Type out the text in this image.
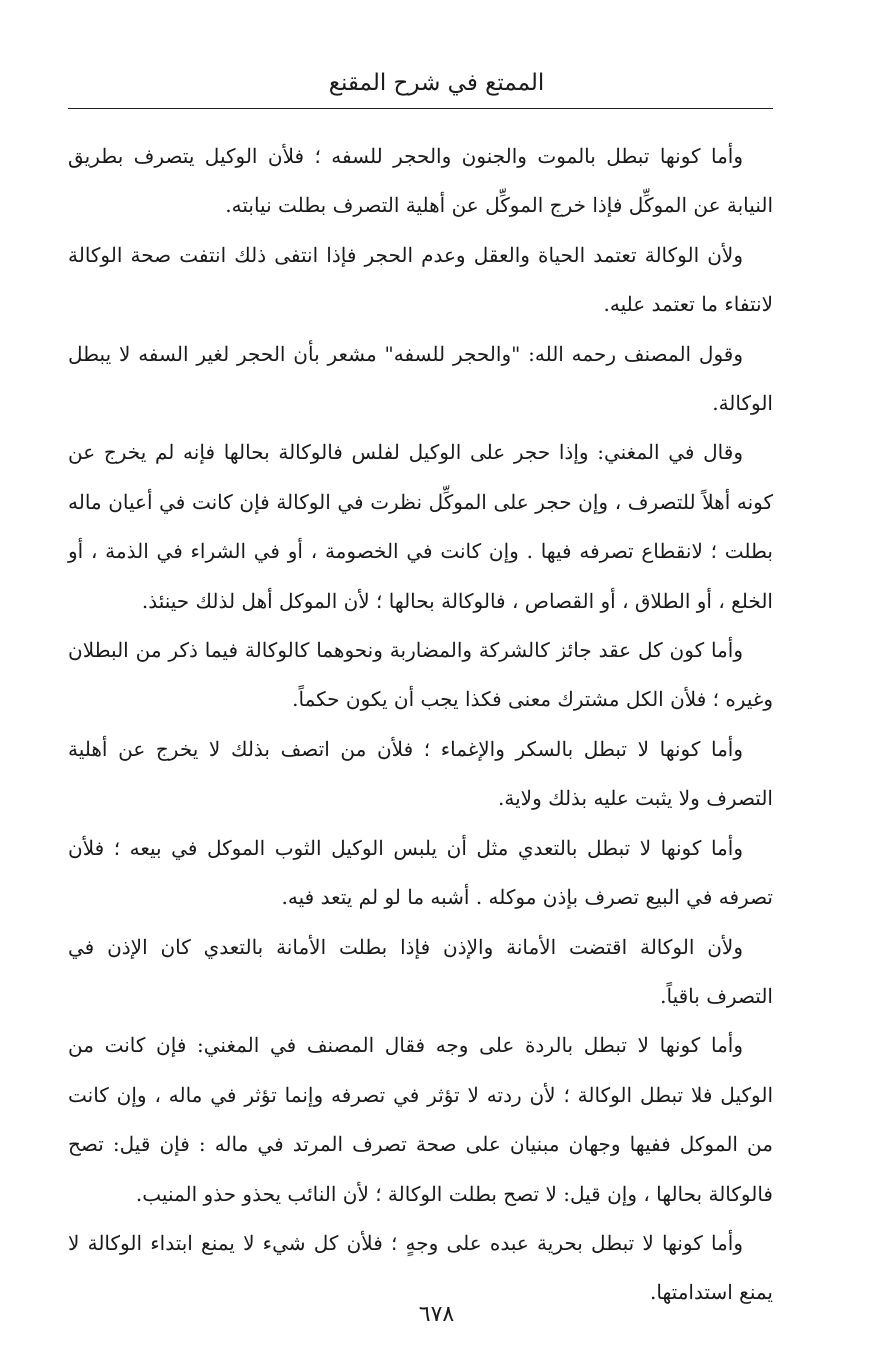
الممتع في شرح المقنع

وأما كونها تبطل بالموت والجنون والحجر للسفه ؛ فلأن الوكيل يتصرف بطريق النيابة عن الموكِّل فإذا خرج الموكِّل عن أهلية التصرف بطلت نيابته.

ولأن الوكالة تعتمد الحياة والعقل وعدم الحجر فإذا انتفى ذلك انتفت صحة الوكالة لانتفاء ما تعتمد عليه.

وقول المصنف رحمه الله: "والحجر للسفه" مشعر بأن الحجر لغير السفه لا يبطل الوكالة.

وقال في المغني: وإذا حجر على الوكيل لفلس فالوكالة بحالها فإنه لم يخرج عن كونه أهلاً للتصرف ، وإن حجر على الموكِّل نظرت في الوكالة فإن كانت في أعيان ماله بطلت ؛ لانقطاع تصرفه فيها . وإن كانت في الخصومة ، أو في الشراء في الذمة ، أو الخلع ، أو الطلاق ، أو القصاص ، فالوكالة بحالها ؛ لأن الموكل أهل لذلك حينئذ.

وأما كون كل عقد جائز كالشركة والمضاربة ونحوهما كالوكالة فيما ذكر من البطلان وغيره ؛ فلأن الكل مشترك معنى فكذا يجب أن يكون حكماً.

وأما كونها لا تبطل بالسكر والإغماء ؛ فلأن من اتصف بذلك لا يخرج عن أهلية التصرف ولا يثبت عليه بذلك ولاية.

وأما كونها لا تبطل بالتعدي مثل أن يلبس الوكيل الثوب الموكل في بيعه ؛ فلأن تصرفه في البيع تصرف بإذن موكله . أشبه ما لو لم يتعد فيه.

ولأن الوكالة اقتضت الأمانة والإذن فإذا بطلت الأمانة بالتعدي كان الإذن في التصرف باقياً.

وأما كونها لا تبطل بالردة على وجه فقال المصنف في المغني: فإن كانت من الوكيل فلا تبطل الوكالة ؛ لأن ردته لا تؤثر في تصرفه وإنما تؤثر في ماله ، وإن كانت من الموكل ففيها وجهان مبنيان على صحة تصرف المرتد في ماله : فإن قيل: تصح فالوكالة بحالها ، وإن قيل: لا تصح بطلت الوكالة ؛ لأن النائب يحذو حذو المنيب.

وأما كونها لا تبطل بحرية عبده على وجهٍ ؛ فلأن كل شيء لا يمنع ابتداء الوكالة لا يمنع استدامتها.

٦٧٨
